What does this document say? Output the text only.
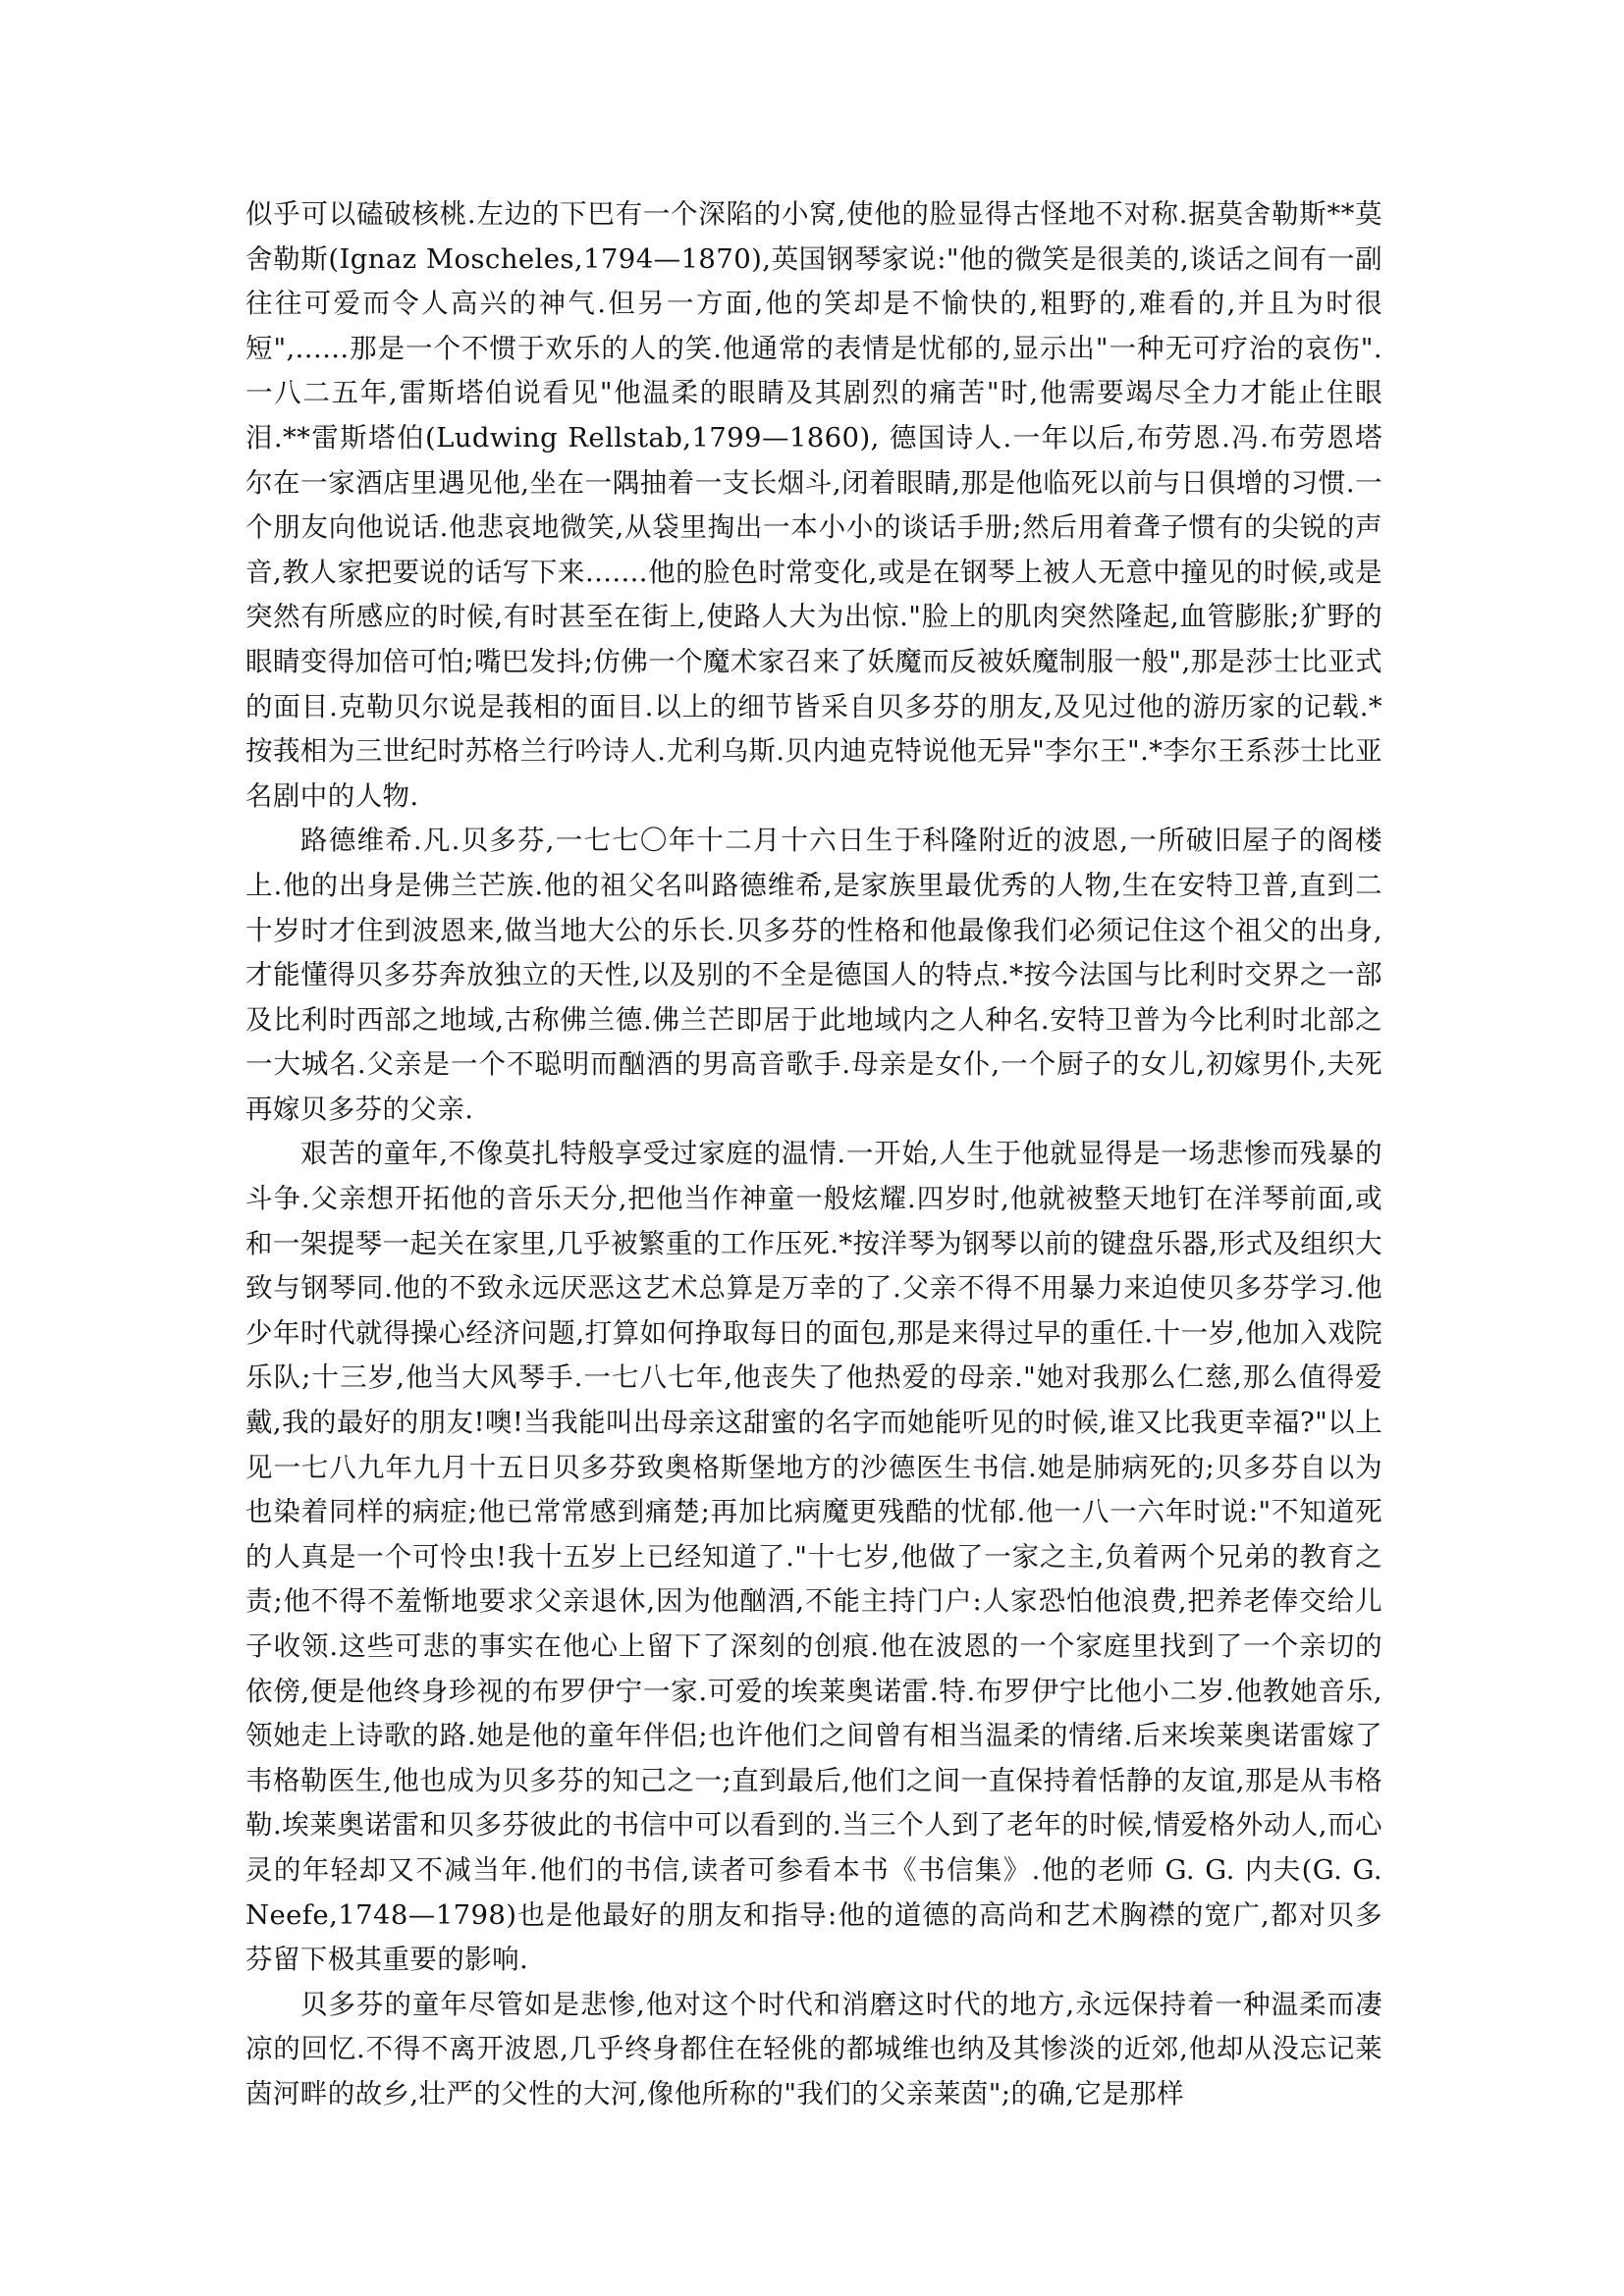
似乎可以磕破核桃.左边的下巴有一个深陷的小窝,使他的脸显得古怪地不对称.据莫舍勒斯**莫舍勒斯(Ignaz Moscheles,1794—1870),英国钢琴家说:"他的微笑是很美的,谈话之间有一副往往可爱而令人高兴的神气.但另一方面,他的笑却是不愉快的,粗野的,难看的,并且为时很短",......那是一个不惯于欢乐的人的笑.他通常的表情是忧郁的,显示出"一种无可疗治的哀伤".一八二五年,雷斯塔伯说看见"他温柔的眼睛及其剧烈的痛苦"时,他需要竭尽全力才能止住眼泪.**雷斯塔伯(Ludwing Rellstab,1799—1860), 德国诗人.一年以后,布劳恩.冯.布劳恩塔尔在一家酒店里遇见他,坐在一隅抽着一支长烟斗,闭着眼睛,那是他临死以前与日俱增的习惯.一个朋友向他说话.他悲哀地微笑,从袋里掏出一本小小的谈话手册;然后用着聋子惯有的尖锐的声音,教人家把要说的话写下来.......他的脸色时常变化,或是在钢琴上被人无意中撞见的时候,或是突然有所感应的时候,有时甚至在街上,使路人大为出惊."脸上的肌肉突然隆起,血管膨胀;犷野的眼睛变得加倍可怕;嘴巴发抖;仿佛一个魔术家召来了妖魔而反被妖魔制服一般",那是莎士比亚式的面目.克勒贝尔说是莪相的面目.以上的细节皆采自贝多芬的朋友,及见过他的游历家的记载.*按莪相为三世纪时苏格兰行吟诗人.尤利乌斯.贝内迪克特说他无异"李尔王".*李尔王系莎士比亚名剧中的人物.

路德维希.凡.贝多芬,一七七〇年十二月十六日生于科隆附近的波恩,一所破旧屋子的阁楼上.他的出身是佛兰芒族.他的祖父名叫路德维希,是家族里最优秀的人物,生在安特卫普,直到二十岁时才住到波恩来,做当地大公的乐长.贝多芬的性格和他最像我们必须记住这个祖父的出身,才能懂得贝多芬奔放独立的天性,以及别的不全是德国人的特点.*按今法国与比利时交界之一部及比利时西部之地域,古称佛兰德.佛兰芒即居于此地域内之人种名.安特卫普为今比利时北部之一大城名.父亲是一个不聪明而酗酒的男高音歌手.母亲是女仆,一个厨子的女儿,初嫁男仆,夫死再嫁贝多芬的父亲.

艰苦的童年,不像莫扎特般享受过家庭的温情.一开始,人生于他就显得是一场悲惨而残暴的斗争.父亲想开拓他的音乐天分,把他当作神童一般炫耀.四岁时,他就被整天地钉在洋琴前面,或和一架提琴一起关在家里,几乎被繁重的工作压死.*按洋琴为钢琴以前的键盘乐器,形式及组织大致与钢琴同.他的不致永远厌恶这艺术总算是万幸的了.父亲不得不用暴力来迫使贝多芬学习.他少年时代就得操心经济问题,打算如何挣取每日的面包,那是来得过早的重任.十一岁,他加入戏院乐队;十三岁,他当大风琴手.一七八七年,他丧失了他热爱的母亲."她对我那么仁慈,那么值得爱戴,我的最好的朋友!噢!当我能叫出母亲这甜蜜的名字而她能听见的时候,谁又比我更幸福?"以上见一七八九年九月十五日贝多芬致奥格斯堡地方的沙德医生书信.她是肺病死的;贝多芬自以为也染着同样的病症;他已常常感到痛楚;再加比病魔更残酷的忧郁.他一八一六年时说:"不知道死的人真是一个可怜虫!我十五岁上已经知道了."十七岁,他做了一家之主,负着两个兄弟的教育之责;他不得不羞惭地要求父亲退休,因为他酗酒,不能主持门户:人家恐怕他浪费,把养老俸交给儿子收领.这些可悲的事实在他心上留下了深刻的创痕.他在波恩的一个家庭里找到了一个亲切的依傍,便是他终身珍视的布罗伊宁一家.可爱的埃莱奥诺雷.特.布罗伊宁比他小二岁.他教她音乐,领她走上诗歌的路.她是他的童年伴侣;也许他们之间曾有相当温柔的情绪.后来埃莱奥诺雷嫁了韦格勒医生,他也成为贝多芬的知己之一;直到最后,他们之间一直保持着恬静的友谊,那是从韦格勒.埃莱奥诺雷和贝多芬彼此的书信中可以看到的.当三个人到了老年的时候,情爱格外动人,而心灵的年轻却又不减当年.他们的书信,读者可参看本书《书信集》.他的老师 G. G. 内夫(G. G. Neefe,1748—1798)也是他最好的朋友和指导:他的道德的高尚和艺术胸襟的宽广,都对贝多芬留下极其重要的影响.

贝多芬的童年尽管如是悲惨,他对这个时代和消磨这时代的地方,永远保持着一种温柔而凄凉的回忆.不得不离开波恩,几乎终身都住在轻佻的都城维也纳及其惨淡的近郊,他却从没忘记莱茵河畔的故乡,壮严的父性的大河,像他所称的"我们的父亲莱茵";的确,它是那样
